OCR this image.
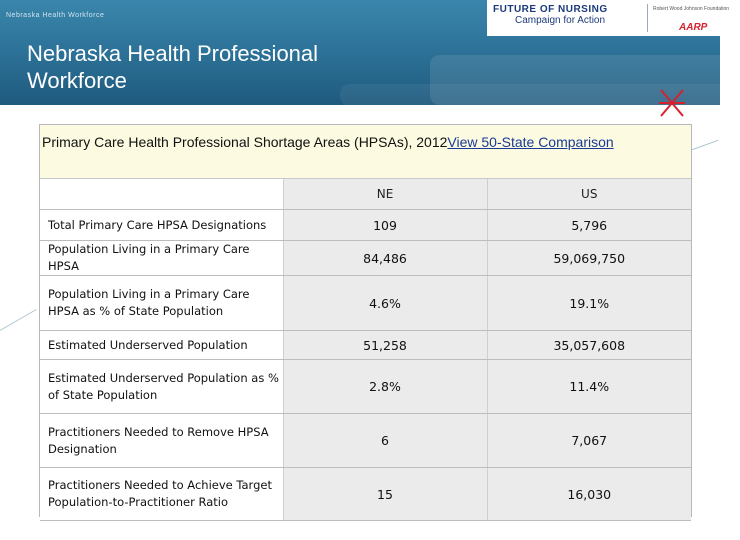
Nebraska Health Workforce
Nebraska Health Professional
Workforce
FUTURE OF NURSING
Campaign for Action
Robert Wood Johnson Foundation
AARP
Primary Care Health Professional Shortage Areas (HPSAs), 2012View 50-State Comparison
	NE	US
Total Primary Care HPSA Designations	109	5,796
Population Living in a Primary Care HPSA	84,486	59,069,750
Population Living in a Primary Care HPSA as % of State Population	4.6%	19.1%
Estimated Underserved Population	51,258	35,057,608
Estimated Underserved Population as % of State Population	2.8%	11.4%
Practitioners Needed to Remove HPSA Designation	6	7,067
Practitioners Needed to Achieve Target Population-to-Practitioner Ratio	15	16,030
